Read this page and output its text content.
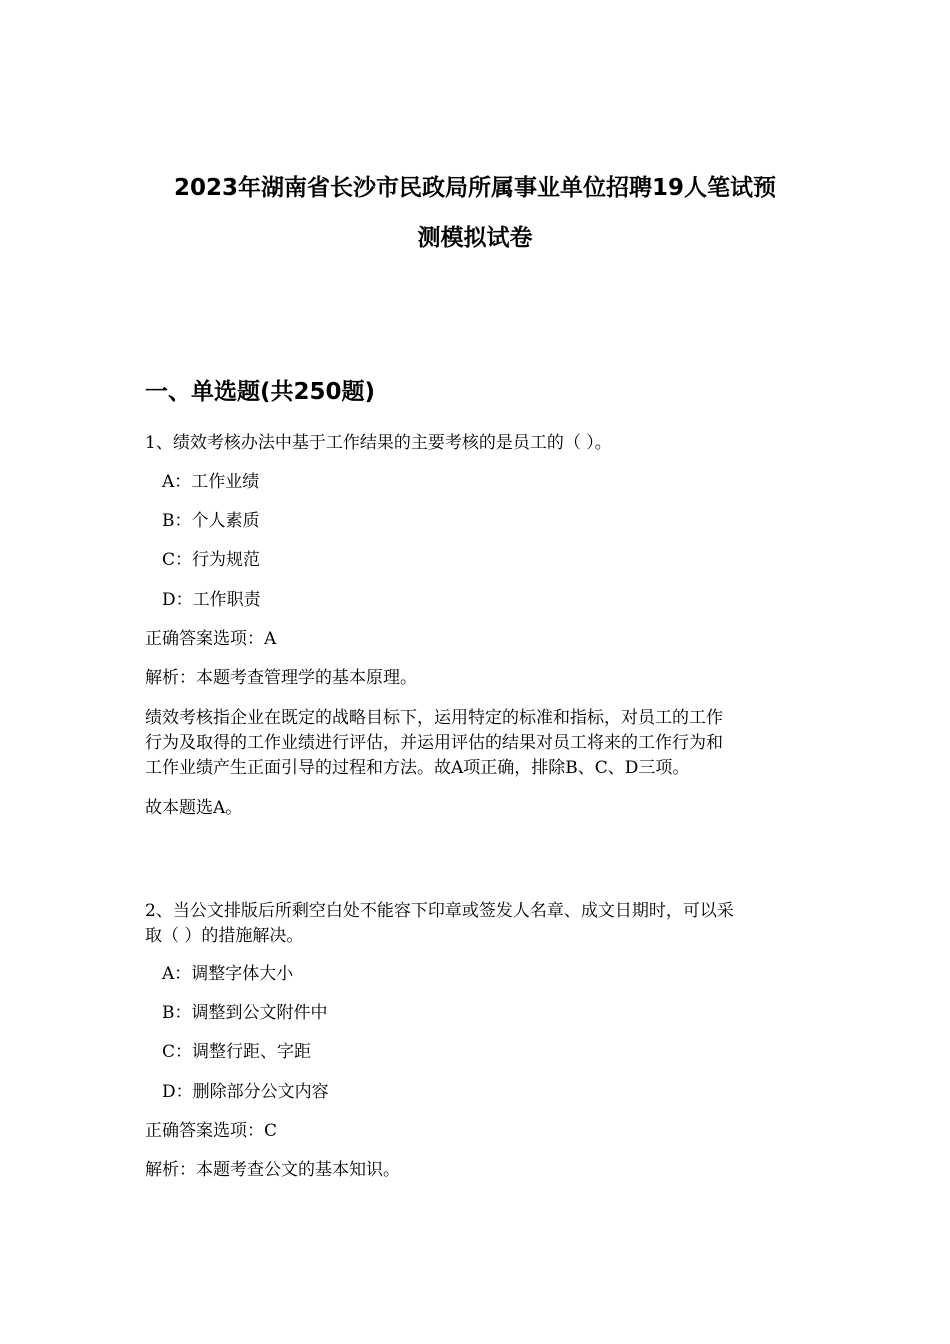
2023年湖南省长沙市民政局所属事业单位招聘19人笔试预
测模拟试卷
一、单选题(共250题)
1、绩效考核办法中基于工作结果的主要考核的是员工的（ ）。
A：工作业绩
B：个人素质
C：行为规范
D：工作职责
正确答案选项：A
解析：本题考查管理学的基本原理。
绩效考核指企业在既定的战略目标下，运用特定的标准和指标，对员工的工作
行为及取得的工作业绩进行评估，并运用评估的结果对员工将来的工作行为和
工作业绩产生正面引导的过程和方法。故A项正确，排除B、C、D三项。
故本题选A。
2、当公文排版后所剩空白处不能容下印章或签发人名章、成文日期时，可以采
取（ ）的措施解决。
A：调整字体大小
B：调整到公文附件中
C：调整行距、字距
D：删除部分公文内容
正确答案选项：C
解析：本题考查公文的基本知识。
